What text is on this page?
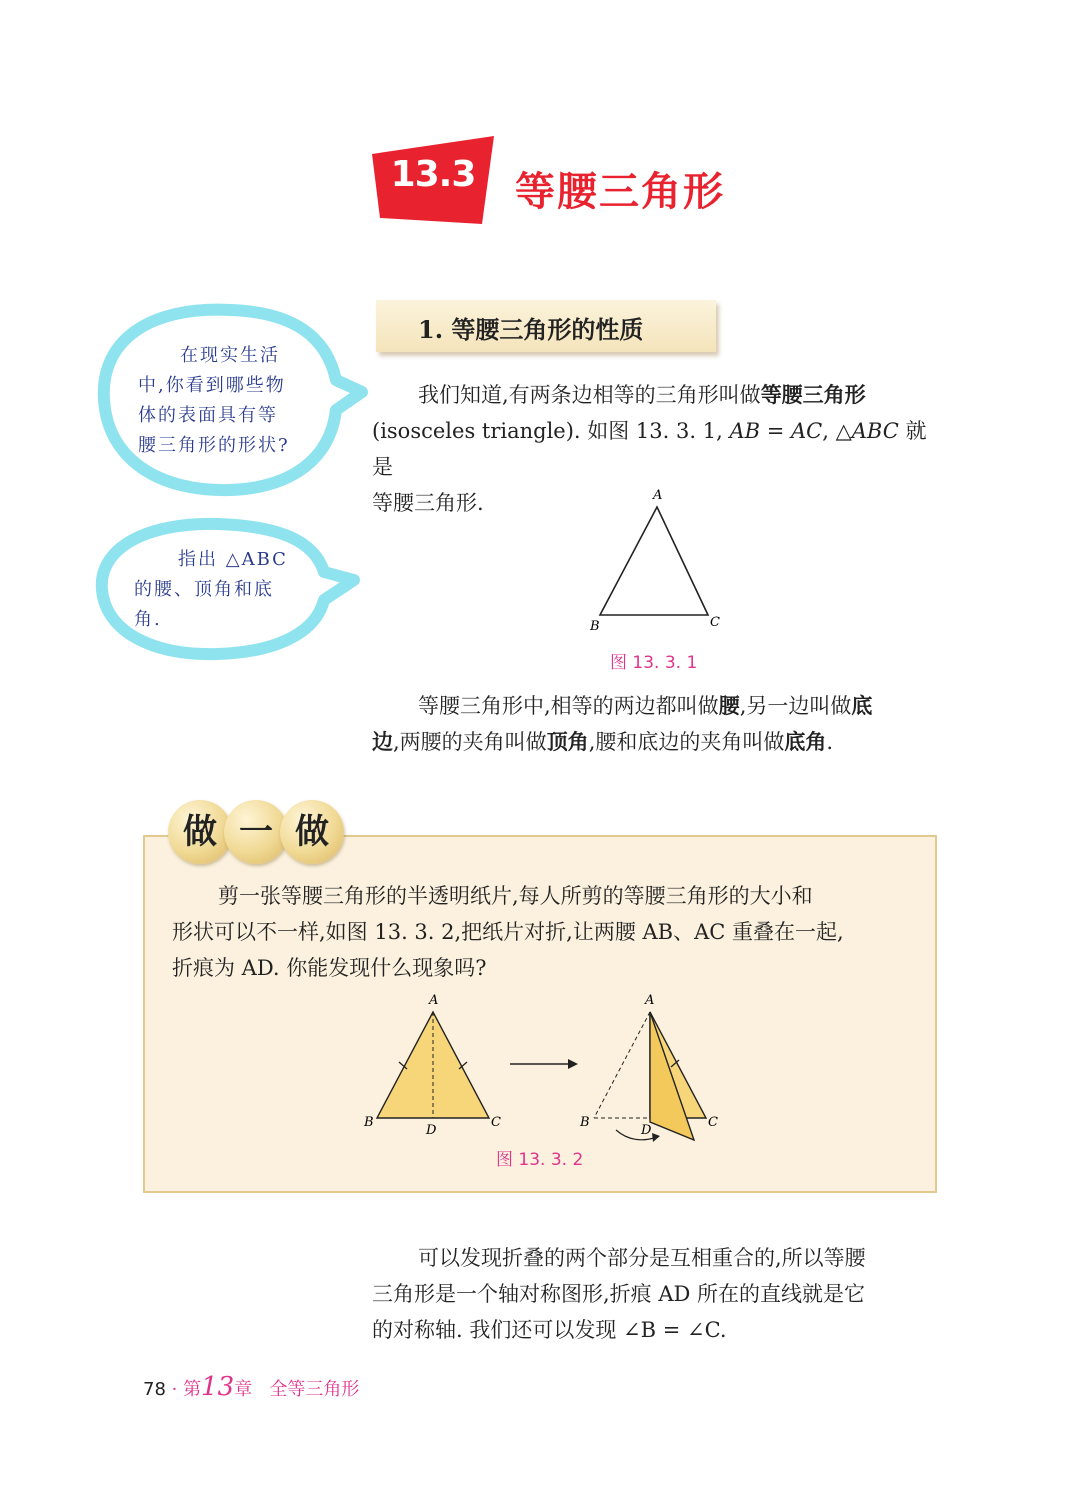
13.3 等腰三角形
1. 等腰三角形的性质
在现实生活
中,你看到哪些物
体的表面具有等
腰三角形的形状?
指出 △ABC
的腰、顶角和底
角.
我们知道,有两条边相等的三角形叫做等腰三角形
(isosceles triangle). 如图 13. 3. 1, AB = AC, △ABC 就是
等腰三角形.	A
B	C
图 13. 3. 1
等腰三角形中,相等的两边都叫做腰,另一边叫做底
边,两腰的夹角叫做顶角,腰和底边的夹角叫做底角.
做 一 做
剪一张等腰三角形的半透明纸片,每人所剪的等腰三角形的大小和
形状可以不一样,如图 13. 3. 2,把纸片对折,让两腰 AB、AC 重叠在一起,
折痕为 AD. 你能发现什么现象吗?
A
B	C
D
A
B	C
D
图 13. 3. 2
可以发现折叠的两个部分是互相重合的,所以等腰
三角形是一个轴对称图形,折痕 AD 所在的直线就是它
的对称轴. 我们还可以发现 ∠B = ∠C.
78 · 第13章 全等三角形
